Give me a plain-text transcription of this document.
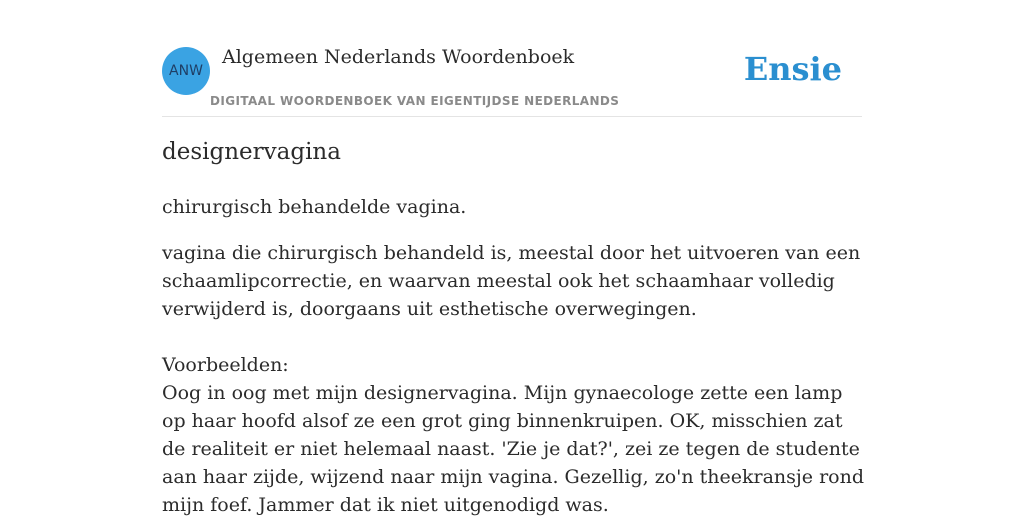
ANW
Algemeen Nederlands Woordenboek
DIGITAAL WOORDENBOEK VAN EIGENTIJDSE NEDERLANDS
Ensie
designervagina
chirurgisch behandelde vagina.
vagina die chirurgisch behandeld is, meestal door het uitvoeren van een schaamlipcorrectie, en waarvan meestal ook het schaamhaar volledig verwijderd is, doorgaans uit esthetische overwegingen.
Voorbeelden:
Oog in oog met mijn designervagina. Mijn gynaecologe zette een lamp op haar hoofd alsof ze een grot ging binnenkruipen. OK, misschien zat de realiteit er niet helemaal naast. 'Zie je dat?', zei ze tegen de studente aan haar zijde, wijzend naar mijn vagina. Gezellig, zo'n theekransje rond mijn foef. Jammer dat ik niet uitgenodigd was.
